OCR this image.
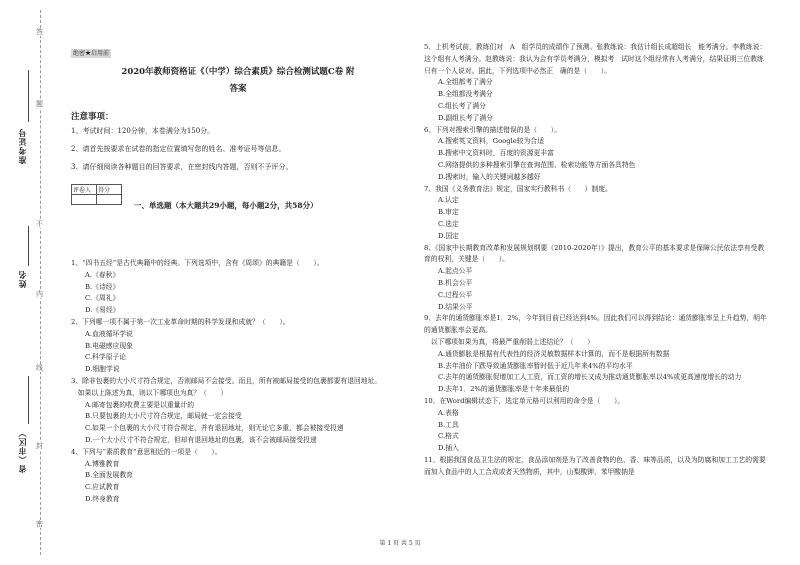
答
题
不
内
线
封
密
准考证号
姓名
省（市区）
绝密★启用前
2020年教师资格证《（中学）综合素质》综合检测试题C卷 附
答案
注意事项：
1、考试时间：120分钟，本卷满分为150分。
2、请首先按要求在试卷的指定位置填写您的姓名、准考证号等信息。
3、请仔细阅读各种题目的回答要求，在密封线内答题，否则不予评分。
评卷人	得分

一、单选题（本大题共29小题，每小题2分，共58分）
1、“四书五经”是古代典籍中的经典。下列选项中，含有《周颂》的典籍是（　　）。
A.《春秋》
B.《诗经》
C.《周礼》
D.《易经》
2、下列哪一项不属于第一次工业革命时期的科学发现和成就？（　　）。
A.血液循环学说
B.电磁感应现象
C.科学原子论
D.细胞学说
3、除非包裹的大小尺寸符合规定，否则邮局不会接受。而且，所有被邮局接受的包裹都要有退回地址。
　如果以上陈述为真，则以下哪项也为真？（　　）
A.邮寄包裹的收费主要是以重量计的
B.只要包裹的大小尺寸符合规定，邮局就一定会接受
C.如果一个包裹的大小尺寸符合规定，并有退回地址，则无论它多重，都会被接受投递
D.一个大小尺寸不符合规定，但却有退回地址的包裹，该不会被邮局接受投递
4、下列与“素质教育”意思相近的一项是（　　）。
A.博雅教育
B.全面发展教育
C.应试教育
D.终身教育
5、上机考试前，教练们对　A　组学员的成绩作了预测。张教练说：我估计组长成超组长　能考满分。李教练说：这个组有人考满分。赵教练说：我认为会有学员考满分，模拟考　试时这个组经常有人考满分，结果证明三位教练只有一个人说对。据此，下列选项中必然正　确的是（　　）。
A.全组都考了满分
B.全组都没考满分
C.组长考了满分
D.副组长考了满分
6、下列对搜索引擎的描述错误的是（　　）。
A.搜索英文资料，Google较为合适
B.搜索中文资料时，百度的资源更丰富
C.网络提供的多种搜索引擎在查询范围、检索功能等方面各具特色
D.搜索时，输入的关键词越多越好
7、我国《义务教育法》规定，国家实行教科书（　　）制度。
A.认定
B.审定
C.选定
D.国定
8、《国家中长期教育改革和发展规划纲要（2010-2020年）》提出，教育公平的基本要求是保障公民依法享有受教育的权利，关键是（　　）。
A.起点公平
B.机会公平
C.过程公平
D.结果公平
9、去年的通货膨胀率是1．2%，今年到目前已经达到4%。因此我们可以得到结论：通货膨胀率呈上升趋势，明年的通货膨胀率会更高。
　以下哪项如果为真，将最严重削弱上述结论？（　　）
A.通货膨胀是根据有代表性的经济灵敏数据样本计算的，而不是根据所有数据
B.去年油价下跌导致通货膨胀率暂时低于近几年来4%的平均水平
C.去年的通货膨胀促增加工人工资，而工资的增长又成为推动通货膨胀率以4%或更高速度增长的动力
D.去年1．2%的通货膨胀率是十年来最低的
10、在Word编辑状态下，选定单元格可以利用的命令是（　　）。
A.表格
B.工具
C.格式
D.插入
11、根据我国食品卫生法的规定，食品添加剂是为了改善食物的色、香、味等品质，以及为防腐和加工工艺的需要而加入食品中的人工合成或者天然物质，其中，山梨酸钾、苯甲酸钠是
第 1 页 共 5 页
